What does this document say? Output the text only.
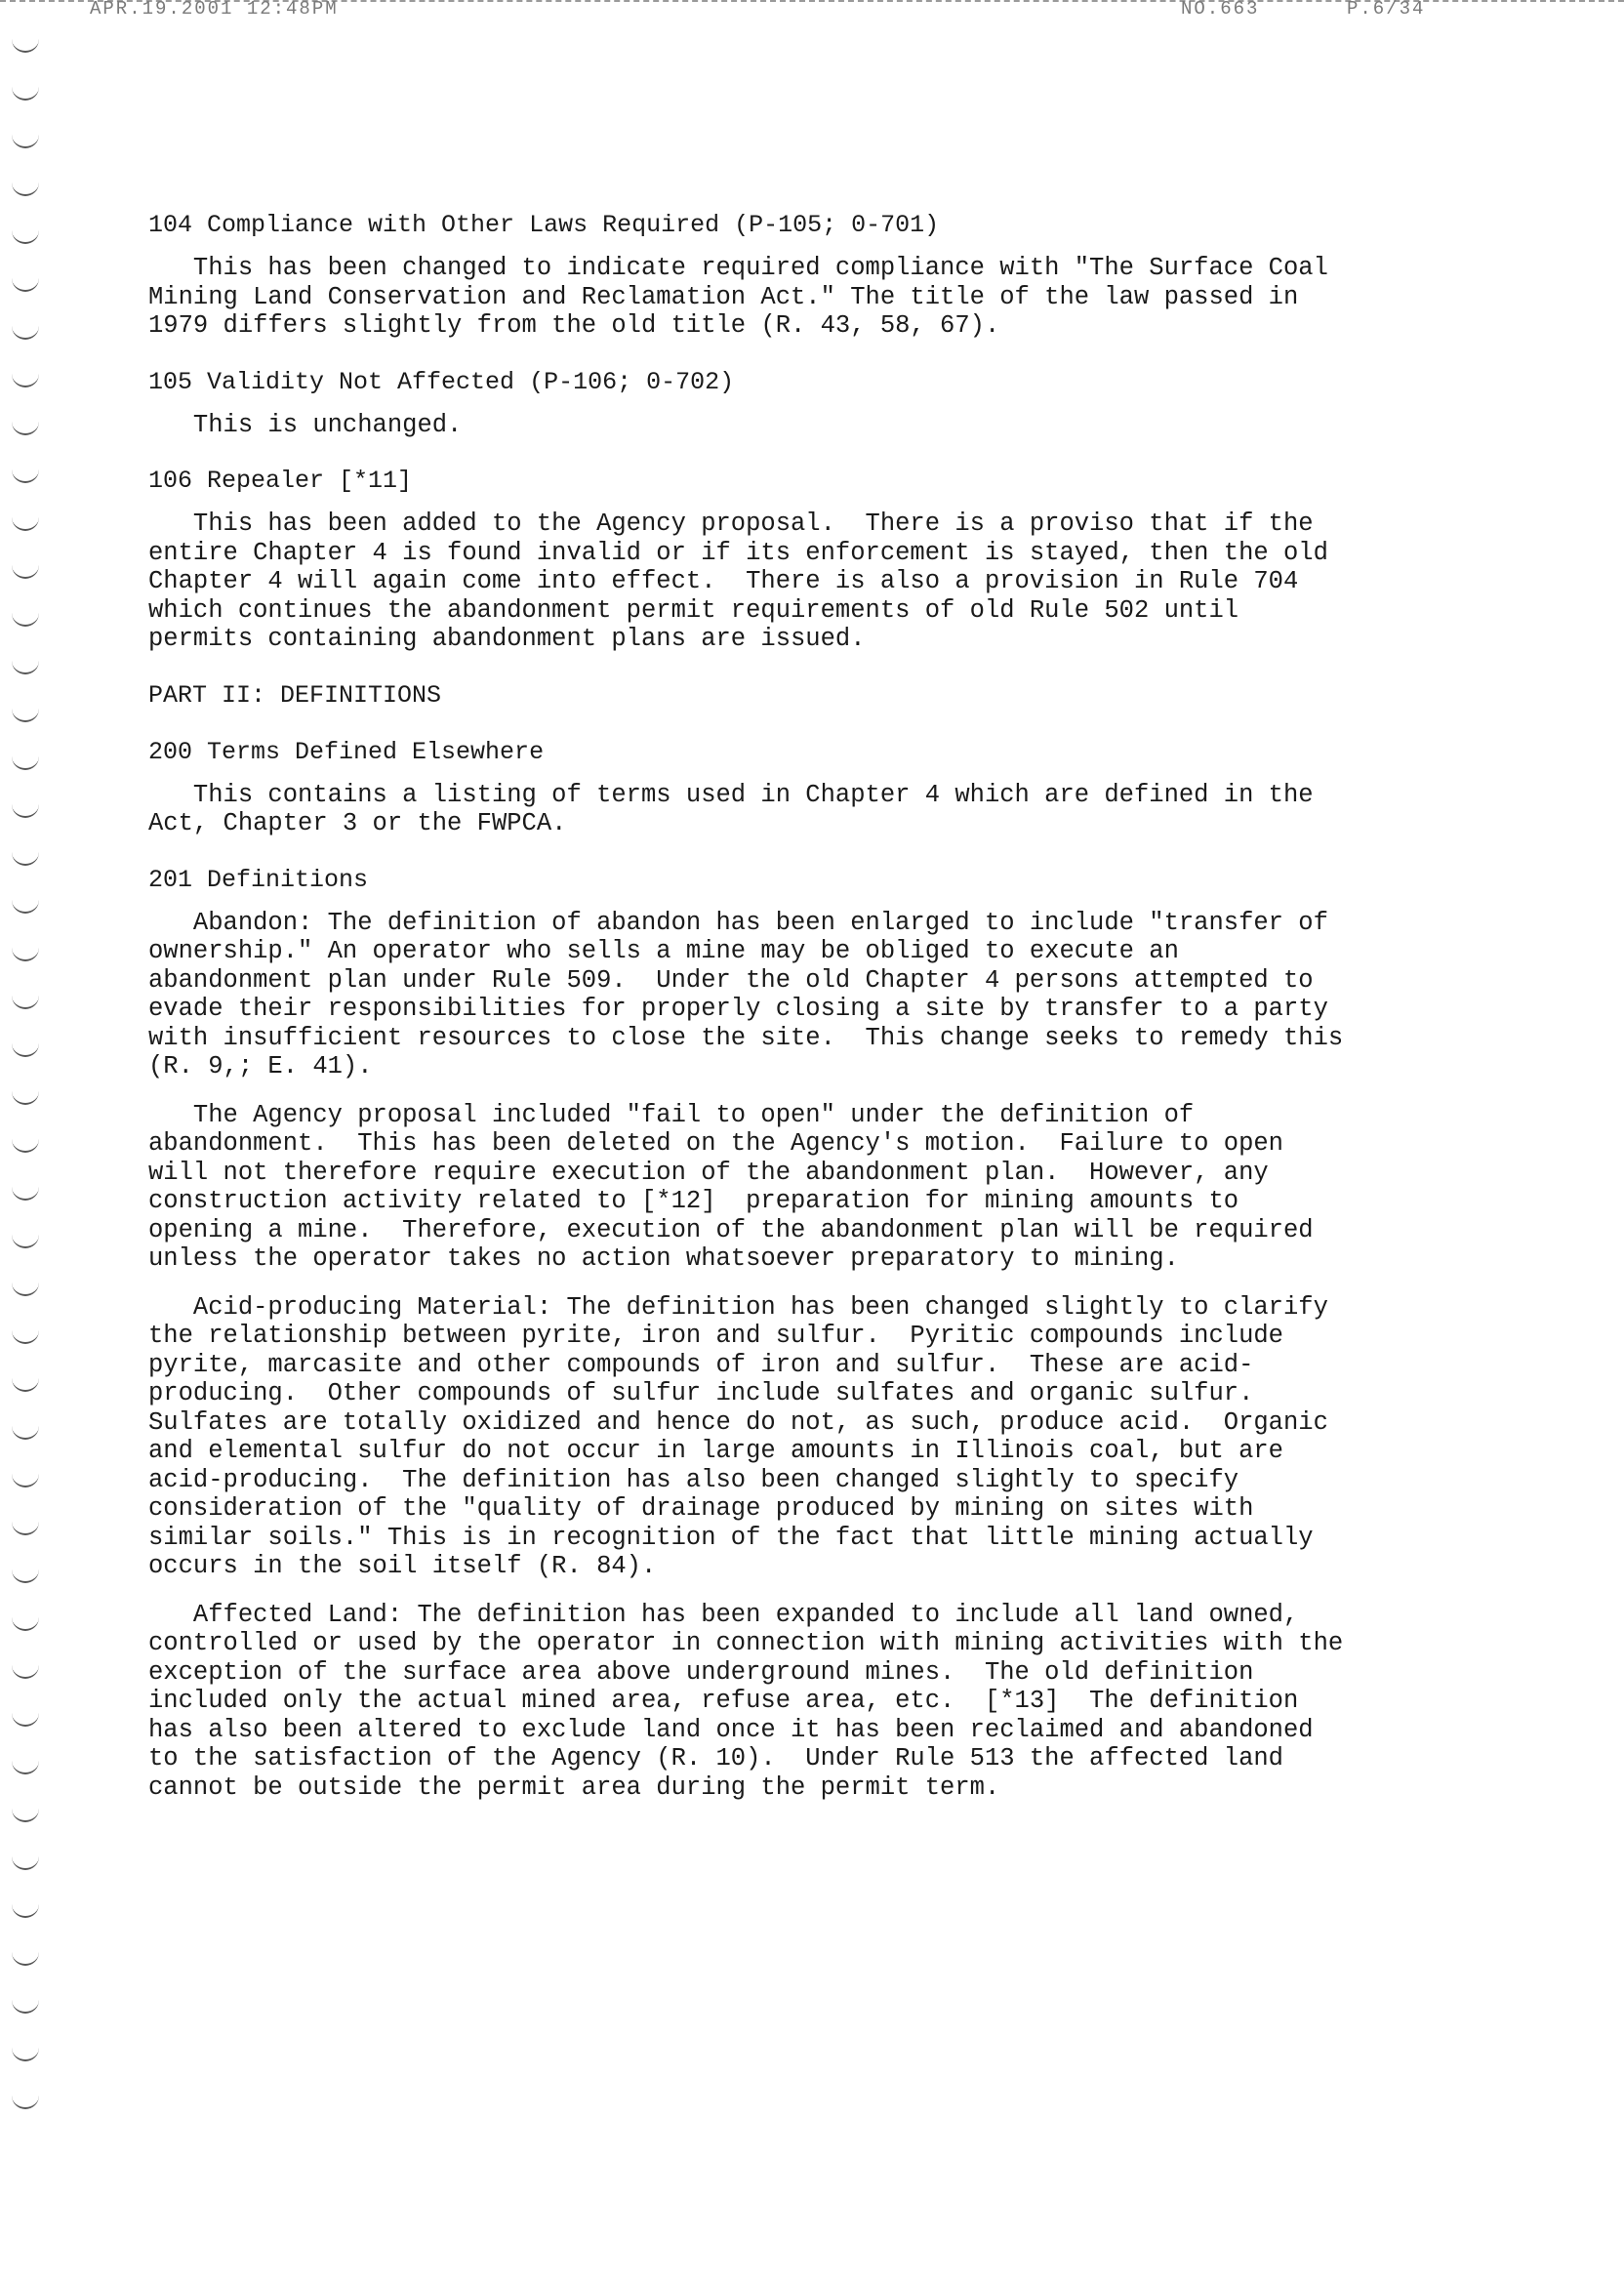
APR.19.2001 12:48PM	NO.663	P.6/34

104 Compliance with Other Laws Required (P-105; 0-701)

This has been changed to indicate required compliance with "The Surface Coal

Mining Land Conservation and Reclamation Act." The title of the law passed in

1979 differs slightly from the old title (R. 43, 58, 67).

105 Validity Not Affected (P-106; 0-702)

This is unchanged.

106 Repealer [*11]

This has been added to the Agency proposal.  There is a proviso that if the

entire Chapter 4 is found invalid or if its enforcement is stayed, then the old

Chapter 4 will again come into effect.  There is also a provision in Rule 704

which continues the abandonment permit requirements of old Rule 502 until

permits containing abandonment plans are issued.

PART II: DEFINITIONS

200 Terms Defined Elsewhere

This contains a listing of terms used in Chapter 4 which are defined in the

Act, Chapter 3 or the FWPCA.

201 Definitions

Abandon: The definition of abandon has been enlarged to include "transfer of

ownership." An operator who sells a mine may be obliged to execute an

abandonment plan under Rule 509.  Under the old Chapter 4 persons attempted to

evade their responsibilities for properly closing a site by transfer to a party

with insufficient resources to close the site.  This change seeks to remedy this

(R. 9,; E. 41).

The Agency proposal included "fail to open" under the definition of

abandonment.  This has been deleted on the Agency's motion.  Failure to open

will not therefore require execution of the abandonment plan.  However, any

construction activity related to [*12]  preparation for mining amounts to

opening a mine.  Therefore, execution of the abandonment plan will be required

unless the operator takes no action whatsoever preparatory to mining.

Acid-producing Material: The definition has been changed slightly to clarify

the relationship between pyrite, iron and sulfur.  Pyritic compounds include

pyrite, marcasite and other compounds of iron and sulfur.  These are acid-

producing.  Other compounds of sulfur include sulfates and organic sulfur.

Sulfates are totally oxidized and hence do not, as such, produce acid.  Organic

and elemental sulfur do not occur in large amounts in Illinois coal, but are

acid-producing.  The definition has also been changed slightly to specify

consideration of the "quality of drainage produced by mining on sites with

similar soils." This is in recognition of the fact that little mining actually

occurs in the soil itself (R. 84).

Affected Land: The definition has been expanded to include all land owned,

controlled or used by the operator in connection with mining activities with the

exception of the surface area above underground mines.  The old definition

included only the actual mined area, refuse area, etc.  [*13]  The definition

has also been altered to exclude land once it has been reclaimed and abandoned

to the satisfaction of the Agency (R. 10).  Under Rule 513 the affected land

cannot be outside the permit area during the permit term.
